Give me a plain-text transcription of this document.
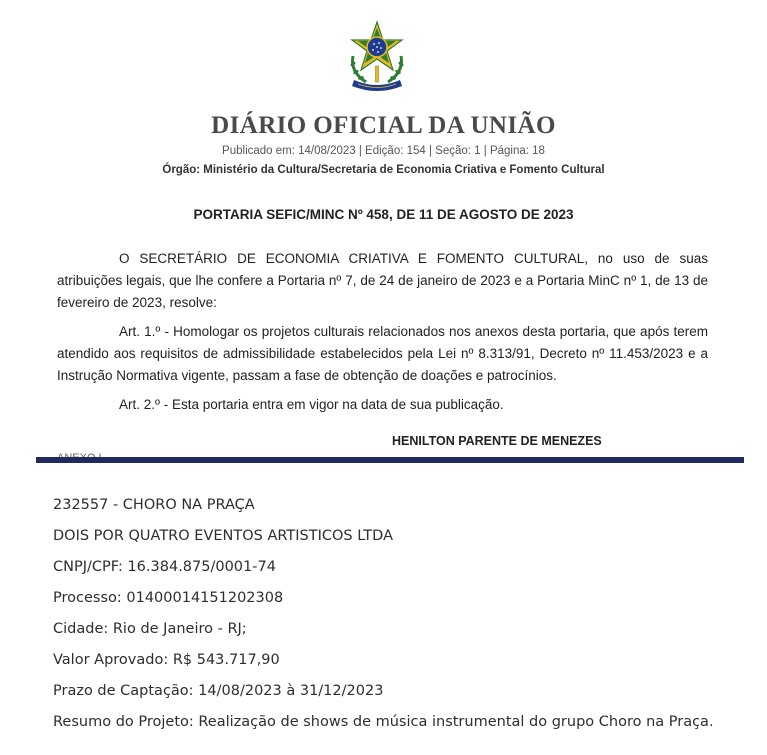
DIÁRIO OFICIAL DA UNIÃO
Publicado em: 14/08/2023 | Edição: 154 | Seção: 1 | Página: 18
Órgão: Ministério da Cultura/Secretaria de Economia Criativa e Fomento Cultural
PORTARIA SEFIC/MINC Nº 458, DE 11 DE AGOSTO DE 2023

O SECRETÁRIO DE ECONOMIA CRIATIVA E FOMENTO CULTURAL, no uso de suas atribuições legais, que lhe confere a Portaria nº 7, de 24 de janeiro de 2023 e a Portaria MinC nº 1, de 13 de fevereiro de 2023, resolve:

Art. 1.º - Homologar os projetos culturais relacionados nos anexos desta portaria, que após terem atendido aos requisitos de admissibilidade estabelecidos pela Lei nº 8.313/91, Decreto nº 11.453/2023 e a Instrução Normativa vigente, passam a fase de obtenção de doações e patrocínios.

Art. 2.º - Esta portaria entra em vigor na data de sua publicação.

HENILTON PARENTE DE MENEZES
232557 - CHORO NA PRAÇA
DOIS POR QUATRO EVENTOS ARTISTICOS LTDA
CNPJ/CPF: 16.384.875/0001-74
Processo: 01400014151202308
Cidade: Rio de Janeiro - RJ;
Valor Aprovado: R$ 543.717,90
Prazo de Captação: 14/08/2023 à 31/12/2023
Resumo do Projeto: Realização de shows de música instrumental do grupo Choro na Praça.
